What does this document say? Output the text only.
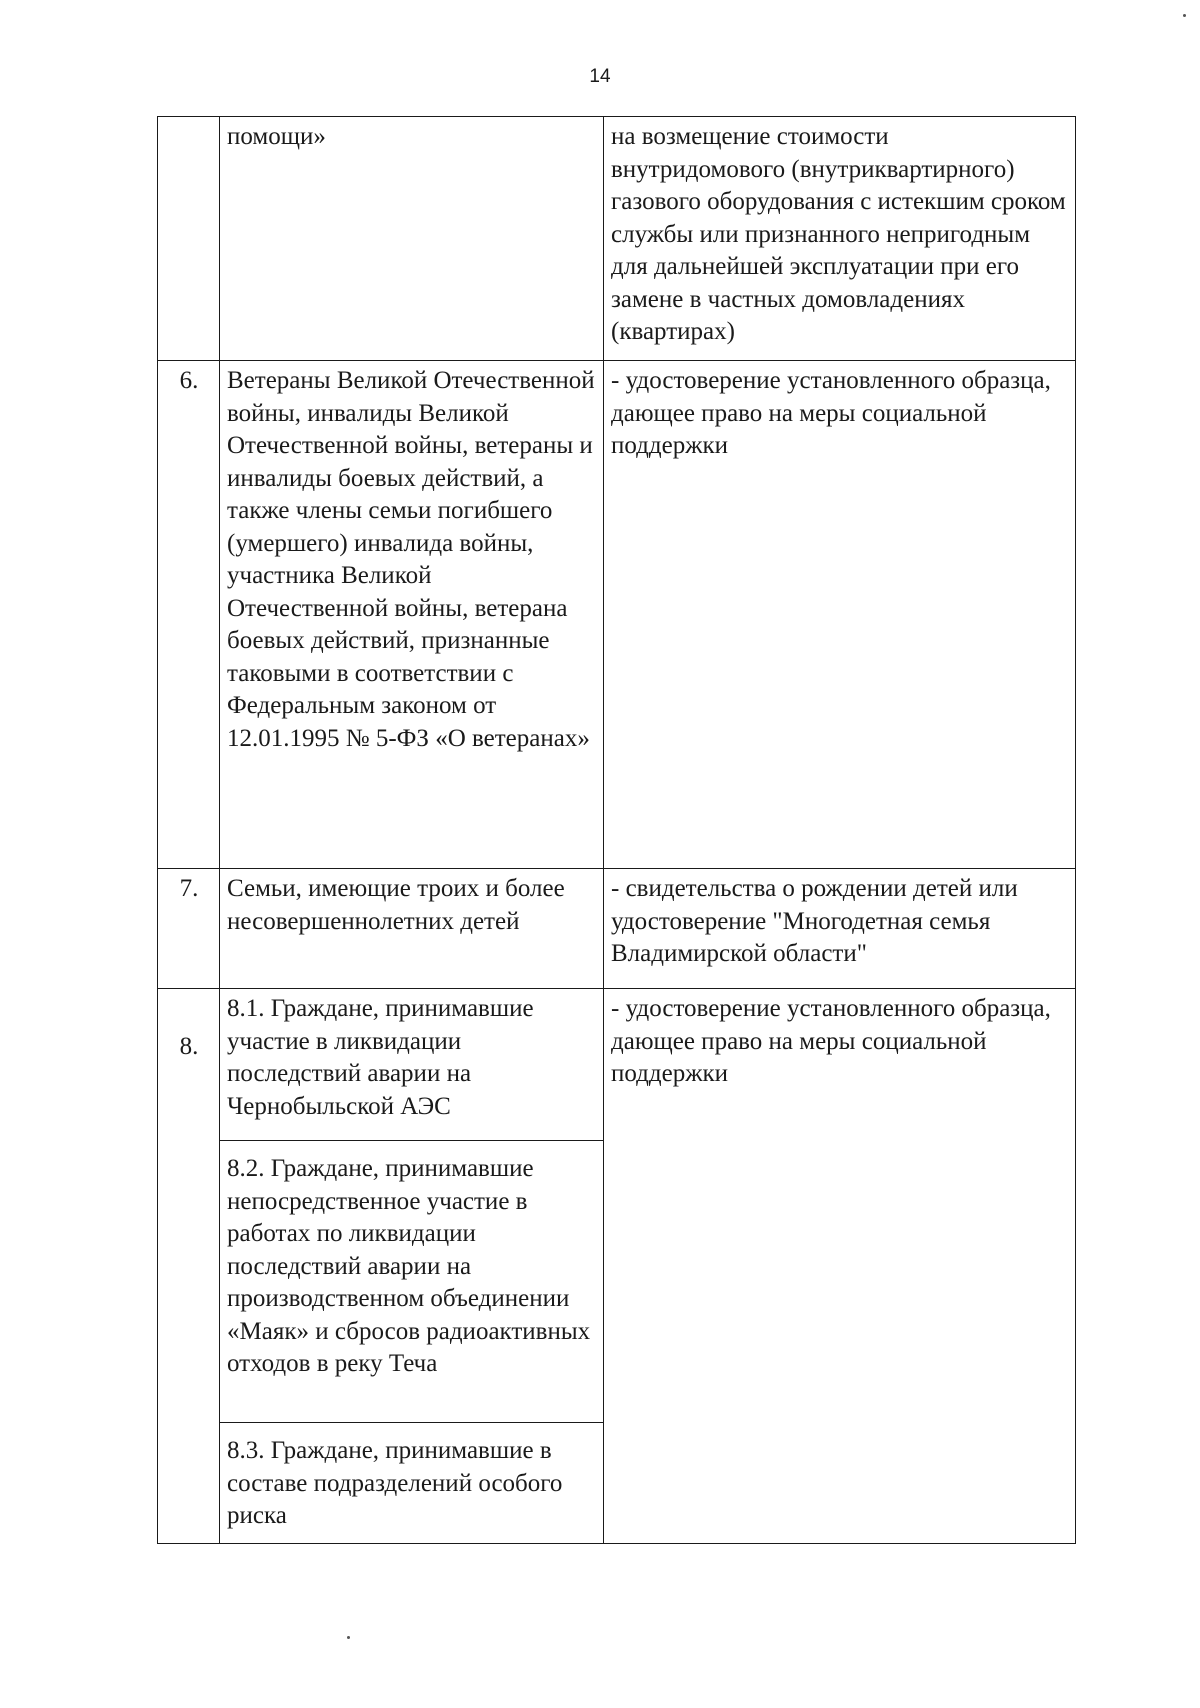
14
	помощи»	на возмещение стоимости внутридомового (внутриквартирного) газового оборудования с истекшим сроком службы или признанного непригодным для дальнейшей эксплуатации при его замене в частных домовладениях (квартирах)
6.	Ветераны Великой Отечественной войны, инвалиды Великой Отечественной войны, ветераны и инвалиды боевых действий, а также члены семьи погибшего (умершего) инвалида войны, участника Великой Отечественной войны, ветерана боевых действий, признанные таковыми в соответствии с Федеральным законом от 12.01.1995 № 5-ФЗ «О ветеранах»	- удостоверение установленного образца, дающее право на меры социальной поддержки
7.	Семьи, имеющие троих и более несовершеннолетних детей	- свидетельства о рождении детей или удостоверение "Многодетная семья Владимирской области"
8.	8.1. Граждане, принимавшие участие в ликвидации последствий аварии на Чернобыльской АЭС	- удостоверение установленного образца, дающее право на меры социальной поддержки
	8.2. Граждане, принимавшие непосредственное участие в работах по ликвидации последствий аварии на производственном объединении «Маяк» и сбросов радиоактивных отходов в реку Теча	
	8.3. Граждане, принимавшие в составе подразделений особого риска	
